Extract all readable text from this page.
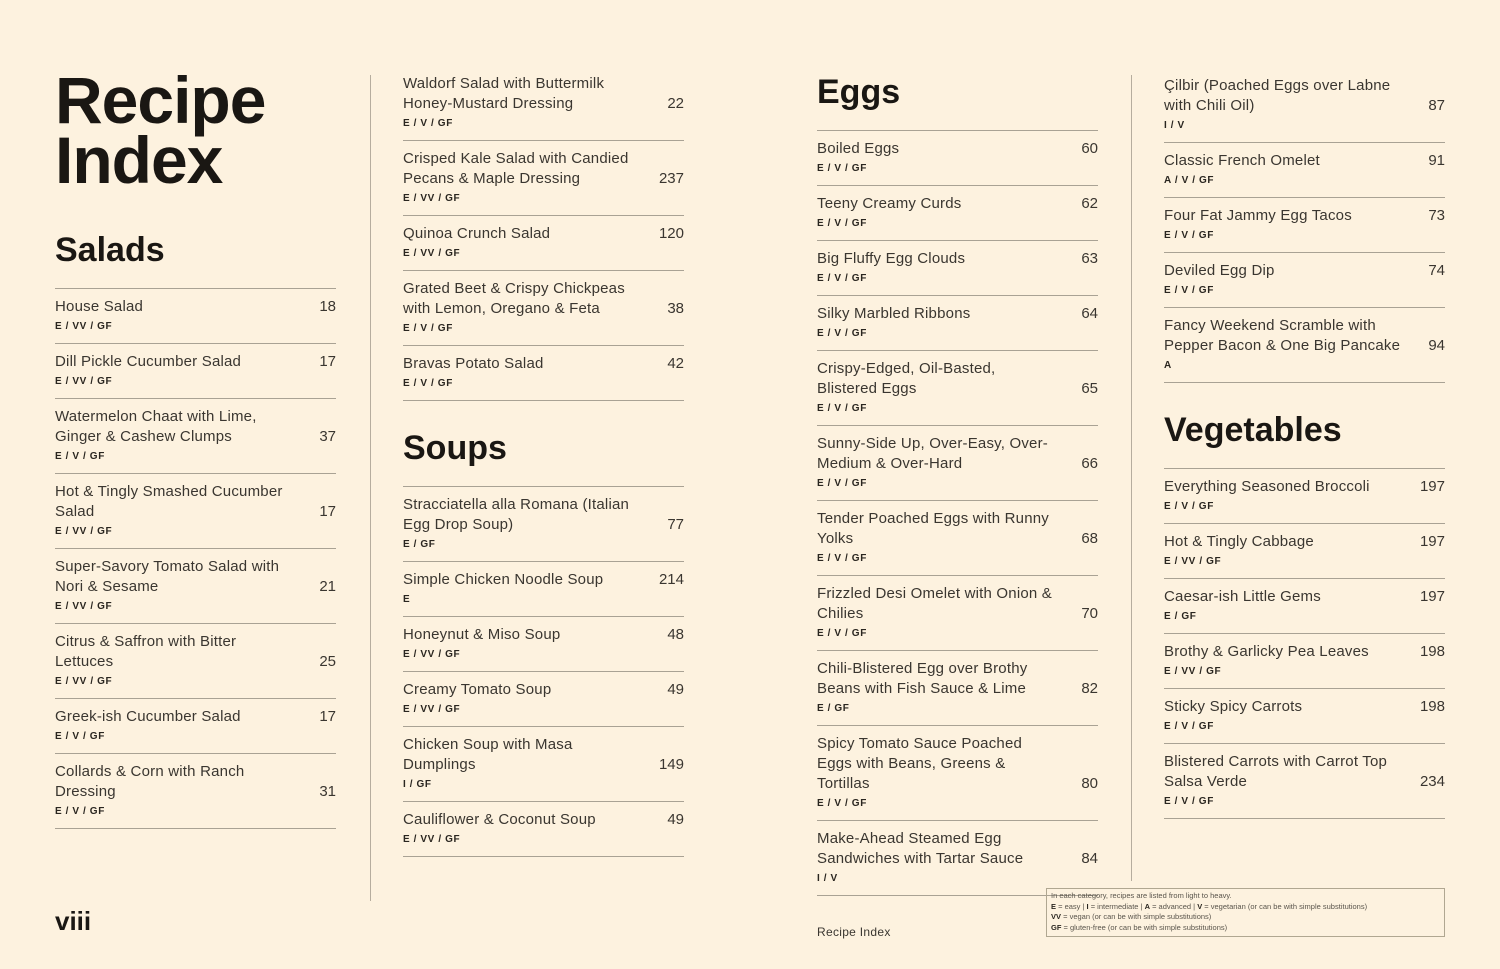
Recipe
Index
Salads
18
House Salad
E / VV / GF
17
Dill Pickle Cucumber Salad
E / VV / GF
37
Watermelon Chaat with Lime, Ginger & Cashew Clumps
E / V / GF
17
Hot & Tingly Smashed Cucumber Salad
E / VV / GF
21
Super-Savory Tomato Salad with Nori & Sesame
E / VV / GF
25
Citrus & Saffron with Bitter Lettuces
E / VV / GF
17
Greek-ish Cucumber Salad
E / V / GF
31
Collards & Corn with Ranch Dressing
E / V / GF
22
Waldorf Salad with Buttermilk Honey-Mustard Dressing
E / V / GF
237
Crisped Kale Salad with Candied Pecans & Maple Dressing
E / VV / GF
120
Quinoa Crunch Salad
E / VV / GF
38
Grated Beet & Crispy Chickpeas with Lemon, Oregano & Feta
E / V / GF
42
Bravas Potato Salad
E / V / GF
Soups
77
Stracciatella alla Romana (Italian Egg Drop Soup)
E / GF
214
Simple Chicken Noodle Soup
E
48
Honeynut & Miso Soup
E / VV / GF
49
Creamy Tomato Soup
E / VV / GF
149
Chicken Soup with Masa Dumplings
I / GF
49
Cauliflower & Coconut Soup
E / VV / GF
Eggs
60
Boiled Eggs
E / V / GF
62
Teeny Creamy Curds
E / V / GF
63
Big Fluffy Egg Clouds
E / V / GF
64
Silky Marbled Ribbons
E / V / GF
65
Crispy-Edged, Oil-Basted, Blistered Eggs
E / V / GF
66
Sunny-Side Up, Over-Easy, Over-Medium & Over-Hard
E / V / GF
68
Tender Poached Eggs with Runny Yolks
E / V / GF
70
Frizzled Desi Omelet with Onion & Chilies
E / V / GF
82
Chili-Blistered Egg over Brothy Beans with Fish Sauce & Lime
E / GF
80
Spicy Tomato Sauce Poached Eggs with Beans, Greens & Tortillas
E / V / GF
84
Make-Ahead Steamed Egg Sandwiches with Tartar Sauce
I / V
87
Çilbir (Poached Eggs over Labne with Chili Oil)
I / V
91
Classic French Omelet
A / V / GF
73
Four Fat Jammy Egg Tacos
E / V / GF
74
Deviled Egg Dip
E / V / GF
94
Fancy Weekend Scramble with Pepper Bacon & One Big Pancake
A
Vegetables
197
Everything Seasoned Broccoli
E / V / GF
197
Hot & Tingly Cabbage
E / VV / GF
197
Caesar-ish Little Gems
E / GF
198
Brothy & Garlicky Pea Leaves
E / VV / GF
198
Sticky Spicy Carrots
E / V / GF
234
Blistered Carrots with Carrot Top Salsa Verde
E / V / GF
viii	Recipe Index
In each category, recipes are listed from light to heavy.
E = easy | I = intermediate | A = advanced | V = vegetarian (or can be with simple substitutions)
VV = vegan (or can be with simple substitutions)
GF = gluten-free (or can be with simple substitutions)
